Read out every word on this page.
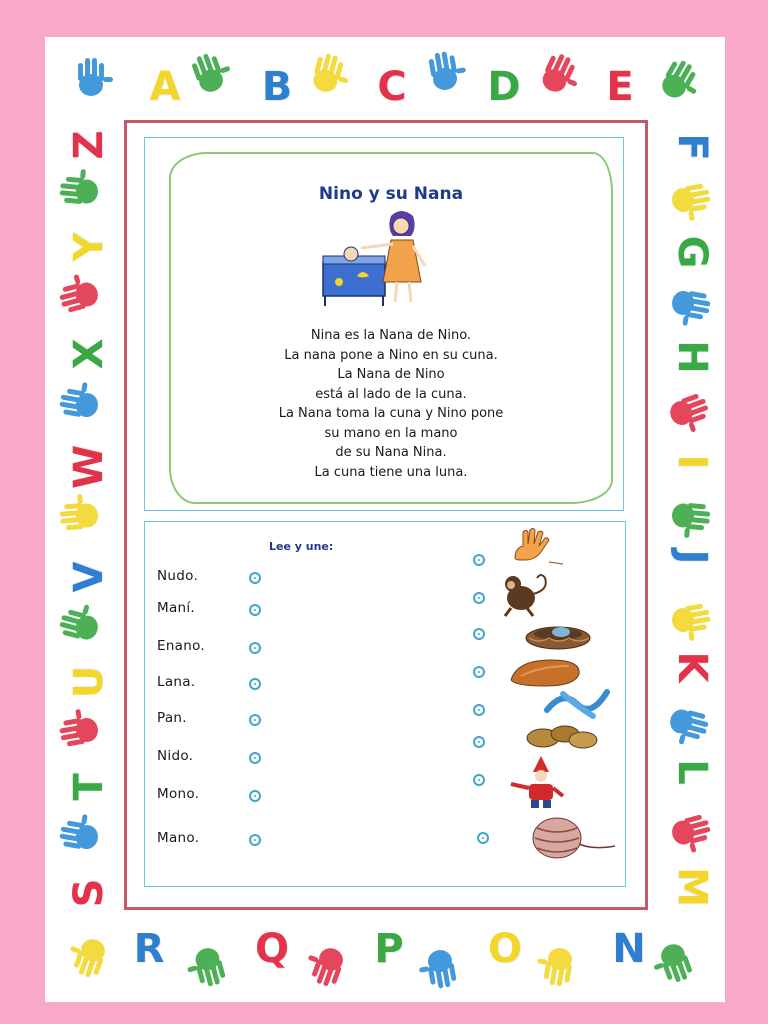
A B C D E
F
G
H
I
J
K
L
M
N
O
P
Q
R
S
T
U
V
W
X
Y
Z
Nino y su Nana
Nina es la Nana de Nino.
La nana pone a Nino en su cuna.
La Nana de Nino
está al lado de la cuna.
La Nana toma la cuna y Nino pone
su mano en la mano
de su Nana Nina.
La cuna tiene una luna.
Lee y une:
Nudo.
Maní.
Enano.
Lana.
Pan.
Nido.
Mono.
Mano.
